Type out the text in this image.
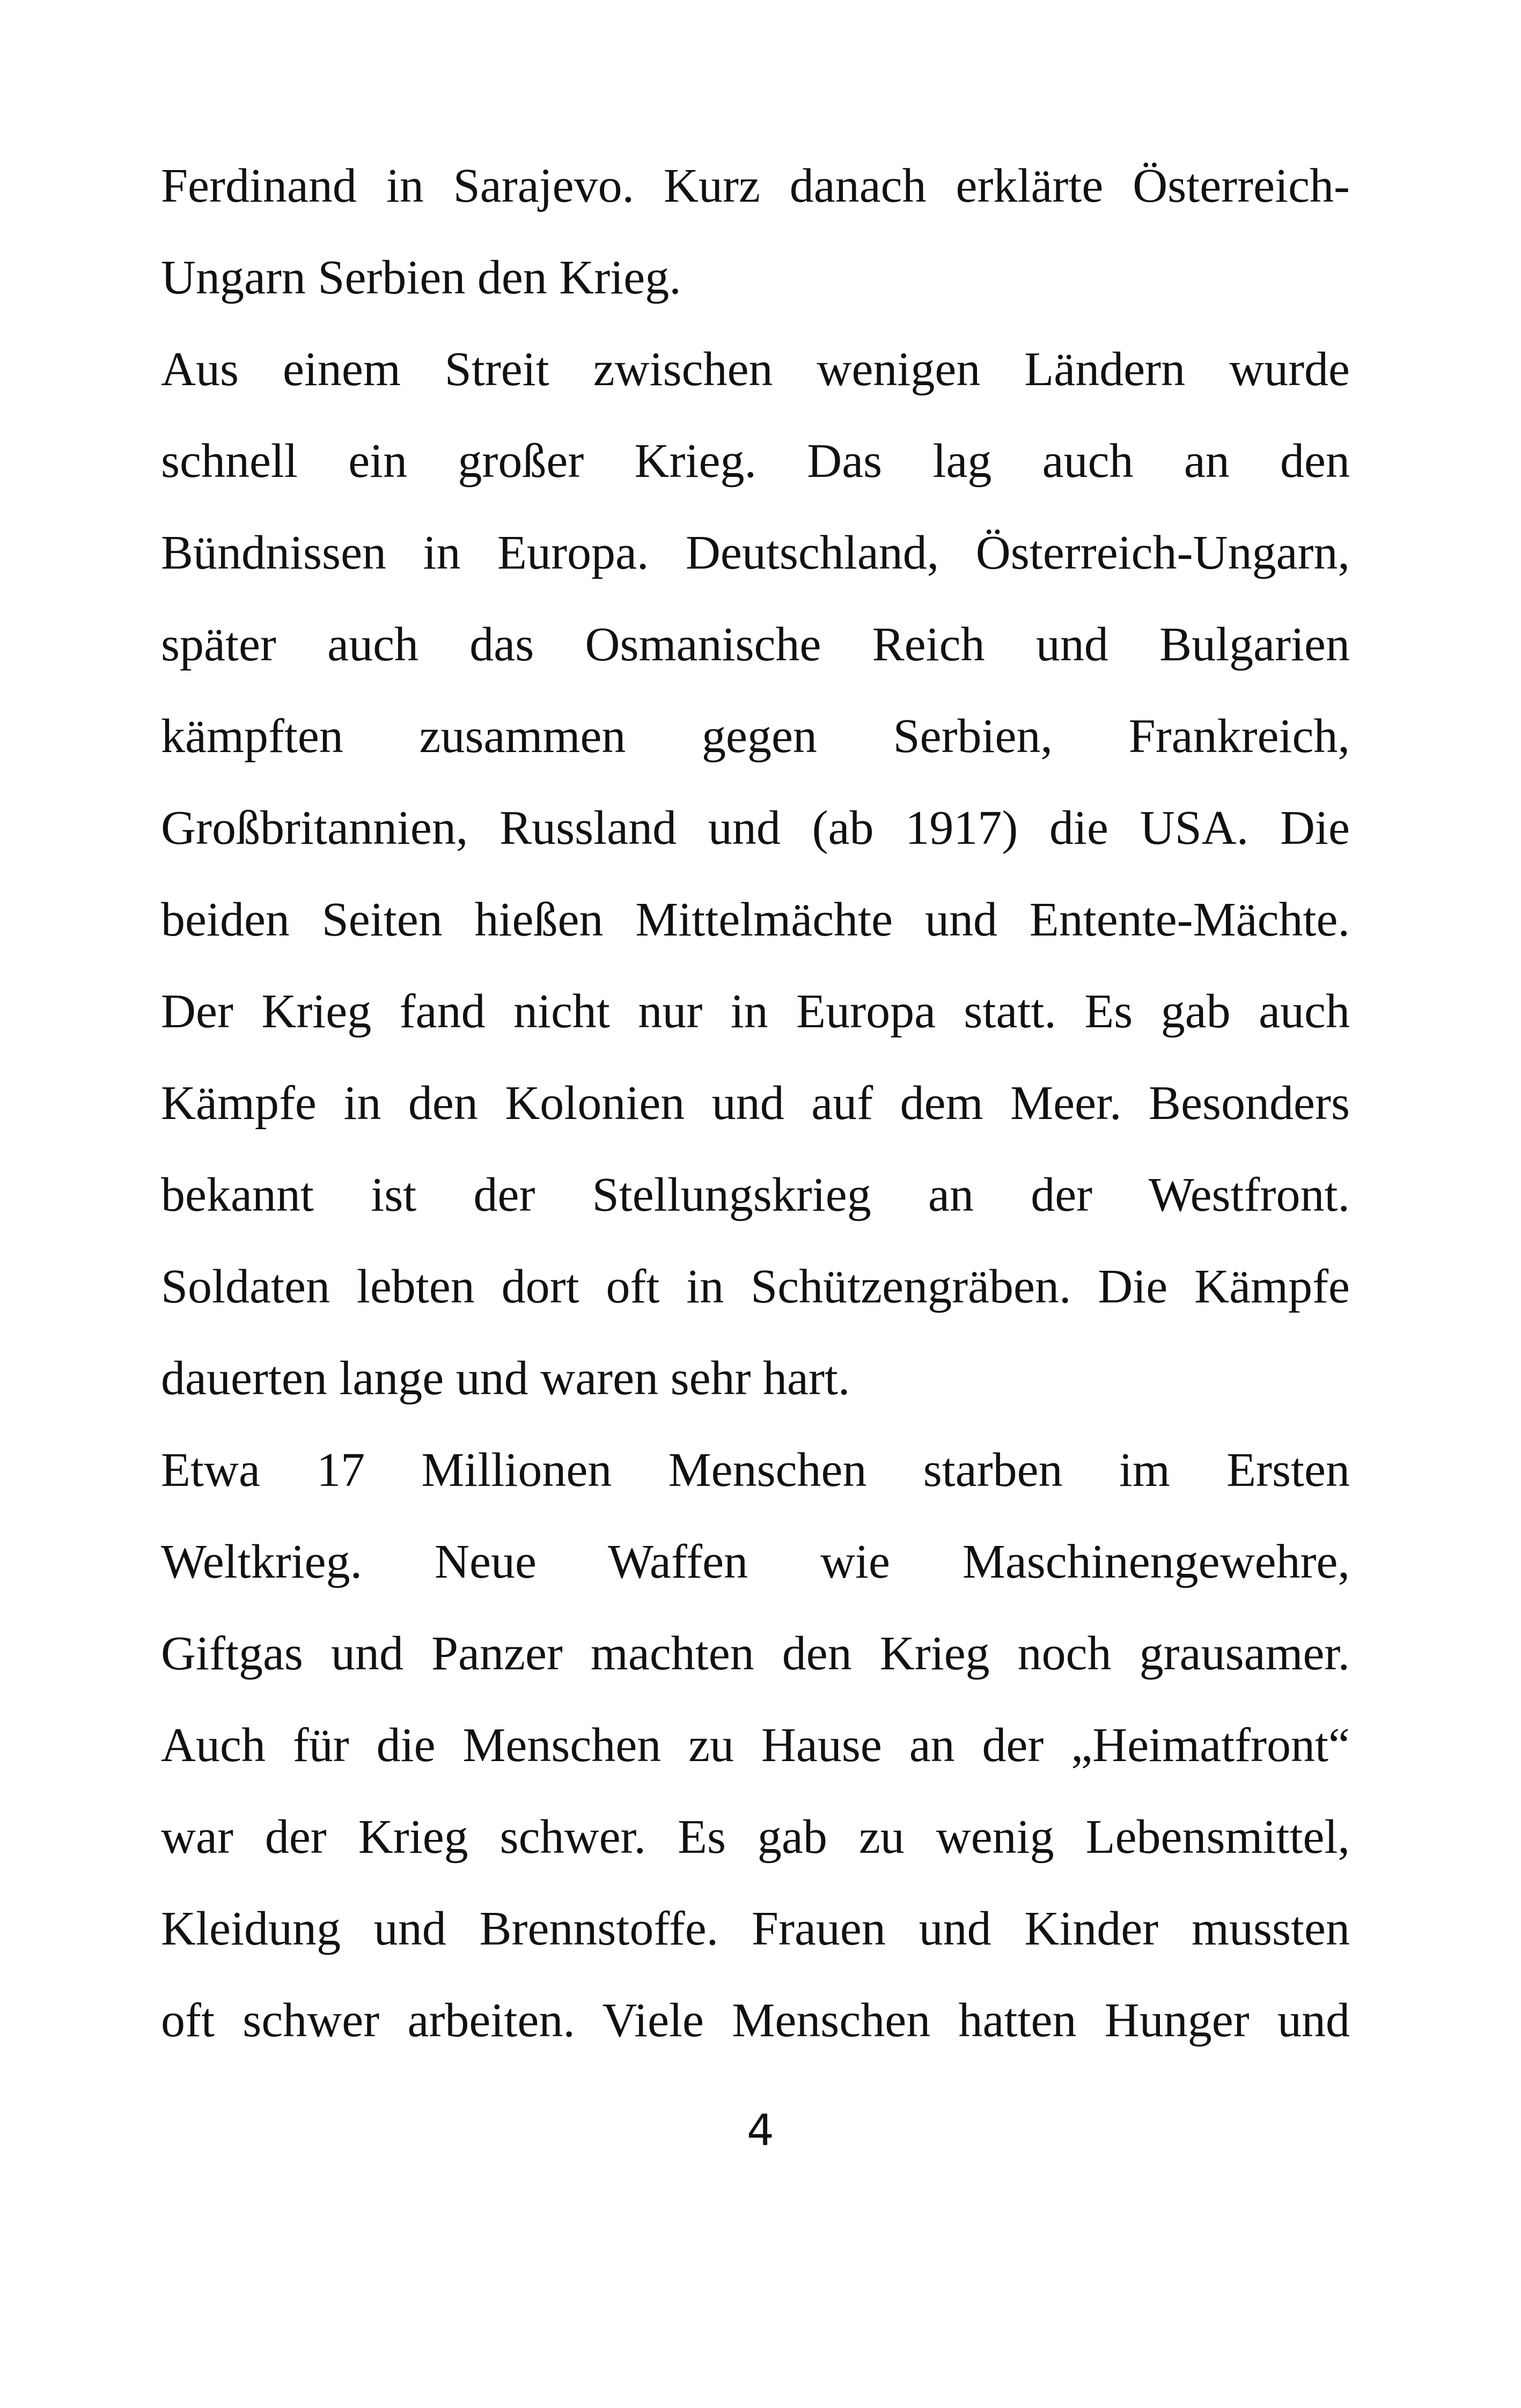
Ferdinand in Sarajevo. Kurz danach erklärte Österreich-
Ungarn Serbien den Krieg.
Aus einem Streit zwischen wenigen Ländern wurde
schnell ein großer Krieg. Das lag auch an den
Bündnissen in Europa. Deutschland, Österreich-Ungarn,
später auch das Osmanische Reich und Bulgarien
kämpften zusammen gegen Serbien, Frankreich,
Großbritannien, Russland und (ab 1917) die USA. Die
beiden Seiten hießen Mittelmächte und Entente-Mächte.
Der Krieg fand nicht nur in Europa statt. Es gab auch
Kämpfe in den Kolonien und auf dem Meer. Besonders
bekannt ist der Stellungskrieg an der Westfront.
Soldaten lebten dort oft in Schützengräben. Die Kämpfe
dauerten lange und waren sehr hart.
Etwa 17 Millionen Menschen starben im Ersten
Weltkrieg. Neue Waffen wie Maschinengewehre,
Giftgas und Panzer machten den Krieg noch grausamer.
Auch für die Menschen zu Hause an der „Heimatfront“
war der Krieg schwer. Es gab zu wenig Lebensmittel,
Kleidung und Brennstoffe. Frauen und Kinder mussten
oft schwer arbeiten. Viele Menschen hatten Hunger und
4
